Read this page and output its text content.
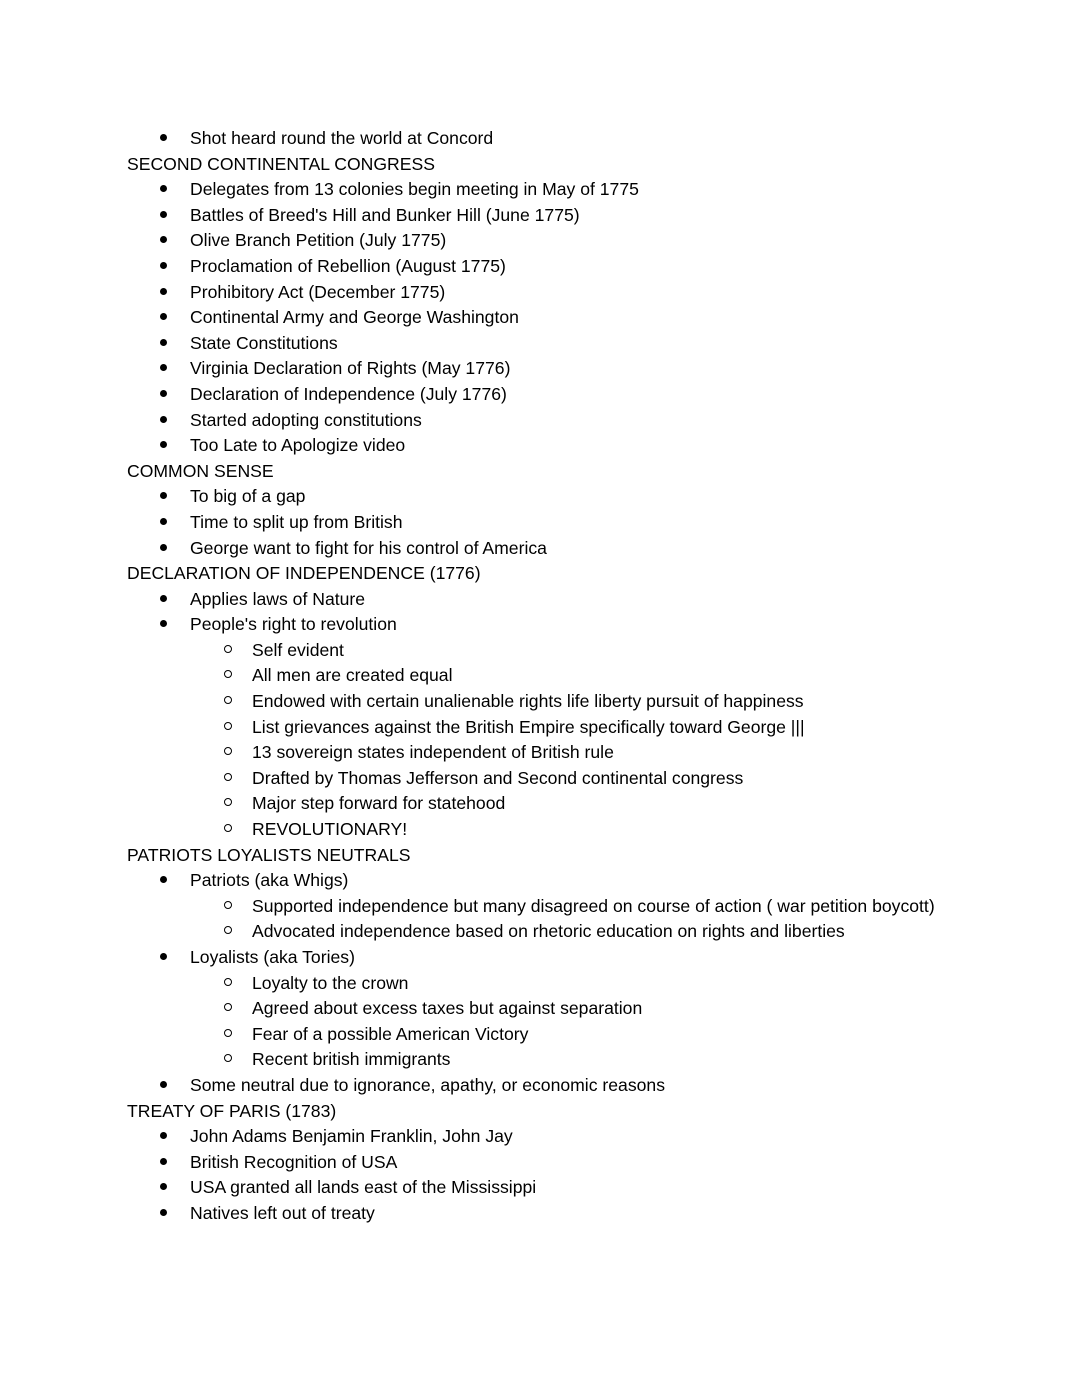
Shot heard round the world at Concord
SECOND CONTINENTAL CONGRESS
Delegates from 13 colonies begin meeting in May of 1775
Battles of Breed's Hill and Bunker Hill (June 1775)
Olive Branch Petition (July 1775)
Proclamation of Rebellion (August 1775)
Prohibitory Act (December 1775)
Continental Army and George Washington
State Constitutions
Virginia Declaration of Rights (May 1776)
Declaration of Independence (July 1776)
Started adopting constitutions
Too Late to Apologize video
COMMON SENSE
To big of a gap
Time to split up from British
George want to fight for his control of America
DECLARATION OF INDEPENDENCE (1776)
Applies laws of Nature
People's right to revolution
Self evident
All men are created equal
Endowed with certain unalienable rights life liberty pursuit of happiness
List grievances against the British Empire specifically toward George |||
13 sovereign states independent of British rule
Drafted by Thomas Jefferson and Second continental congress
Major step forward for statehood
REVOLUTIONARY!
PATRIOTS LOYALISTS NEUTRALS
Patriots (aka Whigs)
Supported independence but many disagreed on course of action ( war petition boycott)
Advocated independence based on rhetoric education on rights and liberties
Loyalists (aka Tories)
Loyalty to the crown
Agreed about excess taxes but against separation
Fear of a possible American Victory
Recent british immigrants
Some neutral due to ignorance, apathy, or economic reasons
TREATY OF PARIS (1783)
John Adams Benjamin Franklin, John Jay
British Recognition of USA
USA granted all lands east of the Mississippi
Natives left out of treaty
